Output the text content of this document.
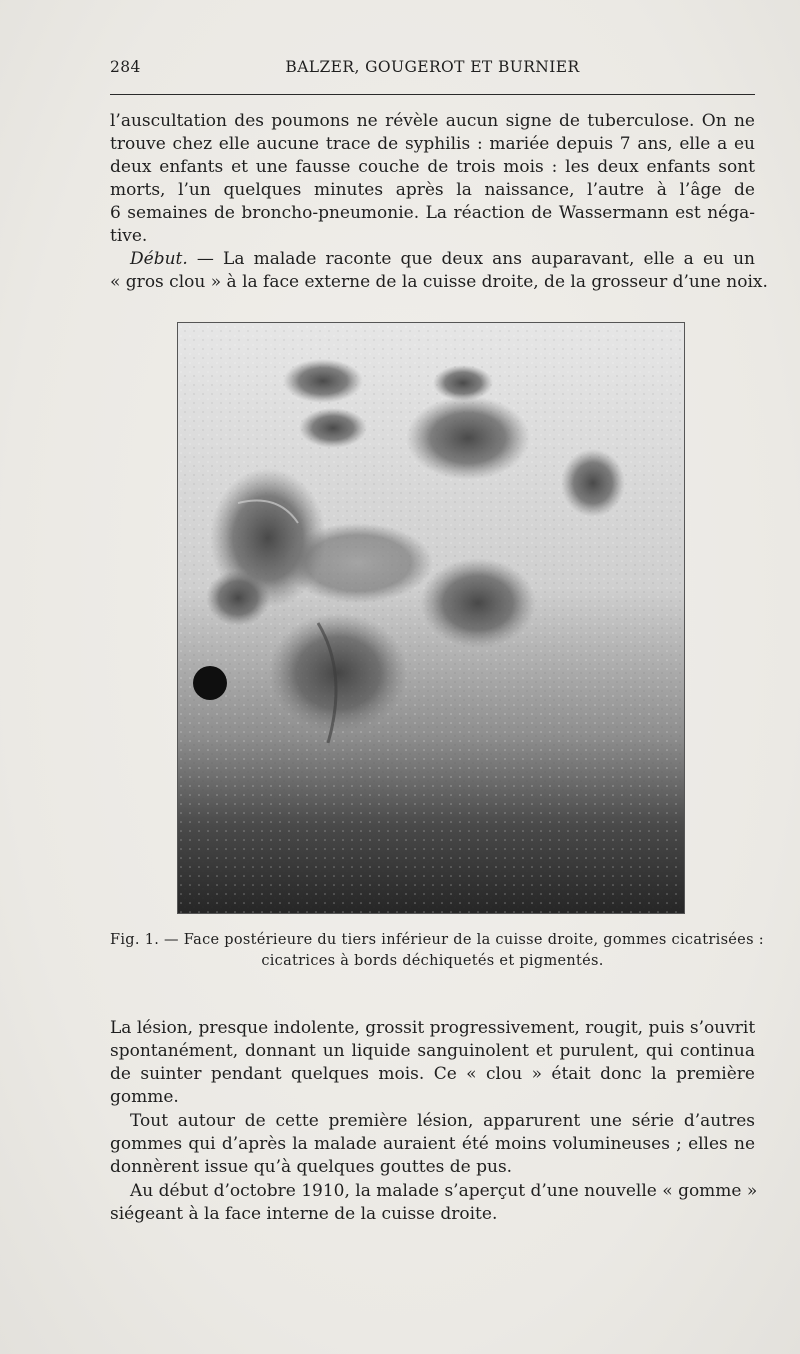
284	BALZER, GOUGEROT ET BURNIER

l’auscultation des poumons ne révèle aucun signe de tuberculose. On ne
trouve chez elle aucune trace de syphilis : mariée depuis 7 ans, elle a eu
deux enfants et une fausse couche de trois mois : les deux enfants sont
morts, l’un quelques minutes après la naissance, l’autre à l’âge de
6 semaines de broncho-pneumonie. La réaction de Wassermann est néga-
tive.

Début. — La malade raconte que deux ans auparavant, elle a eu un
« gros clou » à la face externe de la cuisse droite, de la grosseur d’une noix.

Fig. 1. — Face postérieure du tiers inférieur de la cuisse droite, gommes cicatrisées :
cicatrices à bords déchiquetés et pigmentés.

La lésion, presque indolente, grossit progressivement, rougit, puis s’ouvrit
spontanément, donnant un liquide sanguinolent et purulent, qui continua
de suinter pendant quelques mois. Ce « clou » était donc la première
gomme.

Tout autour de cette première lésion, apparurent une série d’autres
gommes qui d’après la malade auraient été moins volumineuses ; elles ne
donnèrent issue qu’à quelques gouttes de pus.

Au début d’octobre 1910, la malade s’aperçut d’une nouvelle « gomme »
siégeant à la face interne de la cuisse droite.
